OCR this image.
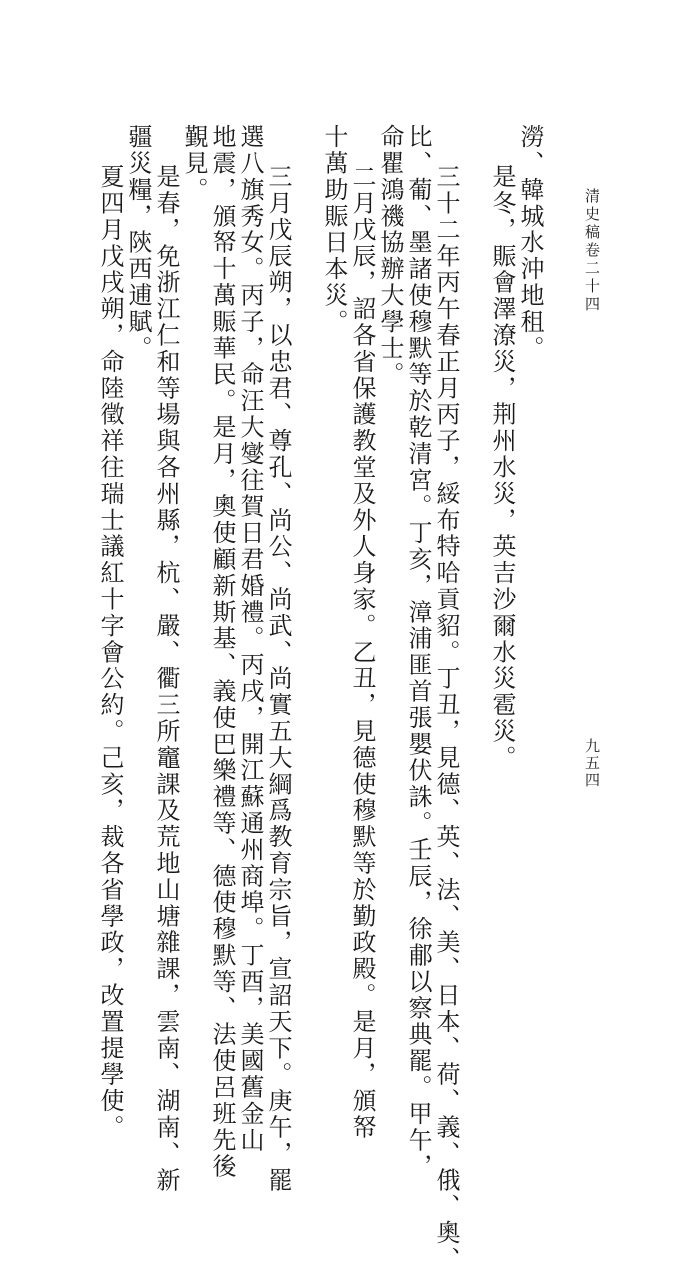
清史稿卷二十四
九五四
澇、韓城水沖地租。
是冬，賑會澤潦災，荆州水災，英吉沙爾水災雹災。
三十二年丙午春正月丙子，綏布特哈貢貂。丁丑，見德、英、法、美、日本、荷、義、俄、奧、
比、葡、墨諸使穆默等於乾清宮。丁亥，漳浦匪首張嬰伏誅。壬辰，徐郙以察典罷。甲午，
命瞿鴻禨協辦大學士。
二月戊辰，詔各省保護教堂及外人身家。乙丑，見德使穆默等於勤政殿。是月，頒帑
十萬助賑日本災。
三月戊辰朔，以忠君、尊孔、尚公、尚武、尚實五大綱爲教育宗旨，宣詔天下。庚午，罷
選八旗秀女。丙子，命汪大燮往賀日君婚禮。丙戌，開江蘇通州商埠。丁酉，美國舊金山
地震，頒帑十萬賑華民。是月，奧使顧新斯基、義使巴樂禮等、德使穆默等、法使呂班先後
覲見。
是春，免浙江仁和等場與各州縣，杭、嚴、衢三所竈課及荒地山塘雜課，雲南、湖南、新
疆災糧，陝西逋賦。
夏四月戊戌朔，命陸徵祥往瑞士議紅十字會公約。己亥，裁各省學政，改置提學使。
